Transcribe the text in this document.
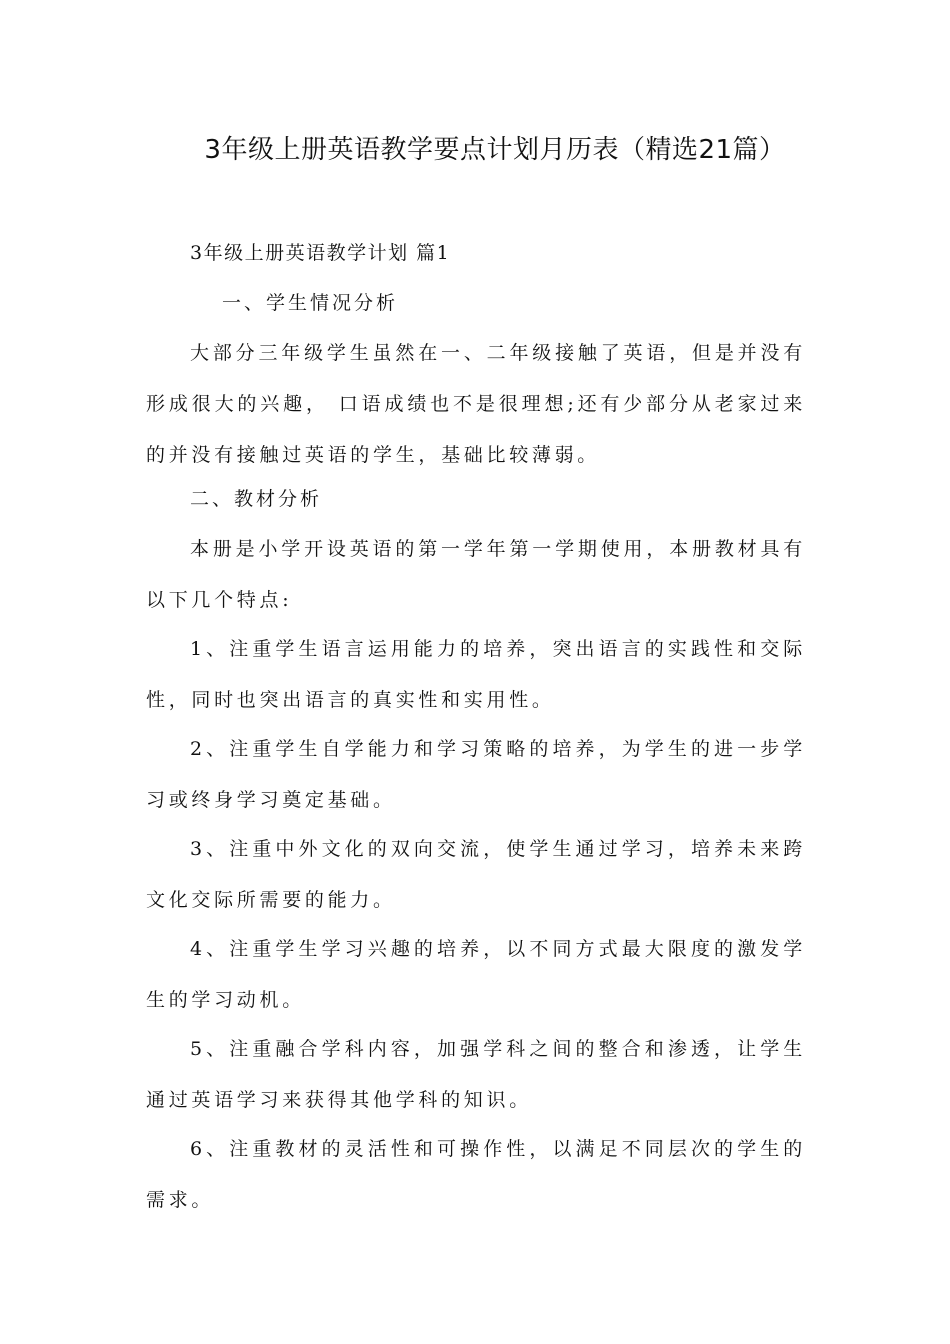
3年级上册英语教学要点计划月历表（精选21篇）

3年级上册英语教学计划 篇1

一、学生情况分析

大部分三年级学生虽然在一、二年级接触了英语，但是并没有形成很大的兴趣， 口语成绩也不是很理想;还有少部分从老家过来的并没有接触过英语的学生，基础比较薄弱。

二、教材分析

本册是小学开设英语的第一学年第一学期使用，本册教材具有以下几个特点:

1、注重学生语言运用能力的培养，突出语言的实践性和交际性，同时也突出语言的真实性和实用性。

2、注重学生自学能力和学习策略的培养，为学生的进一步学习或终身学习奠定基础。

3、注重中外文化的双向交流，使学生通过学习，培养未来跨文化交际所需要的能力。

4、注重学生学习兴趣的培养，以不同方式最大限度的激发学生的学习动机。

5、注重融合学科内容，加强学科之间的整合和渗透，让学生通过英语学习来获得其他学科的知识。

6、注重教材的灵活性和可操作性，以满足不同层次的学生的需求。
